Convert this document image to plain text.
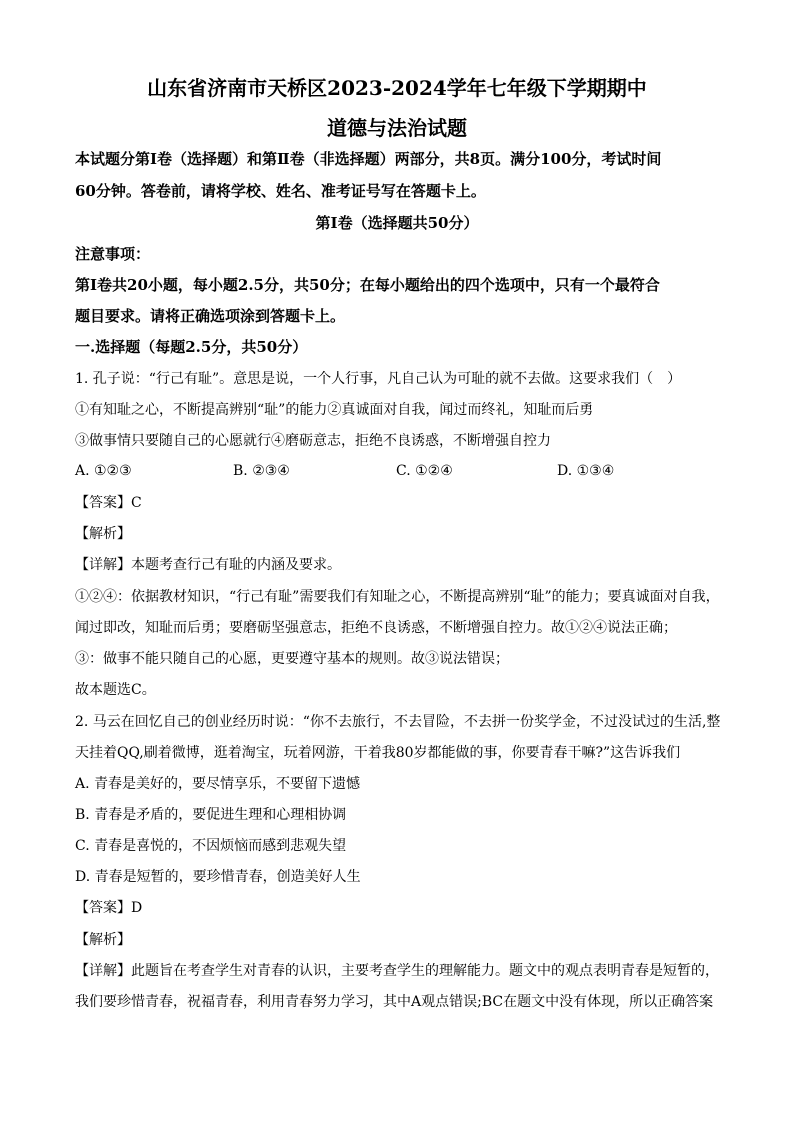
山东省济南市天桥区2023-2024学年七年级下学期期中
道德与法治试题
本试题分第Ⅰ卷（选择题）和第Ⅱ卷（非选择题）两部分，共8页。满分100分，考试时间
60分钟。答卷前，请将学校、姓名、准考证号写在答题卡上。
第Ⅰ卷（选择题共50分）
注意事项：
第Ⅰ卷共20小题，每小题2.5分，共50分；在每小题给出的四个选项中，只有一个最符合
题目要求。请将正确选项涂到答题卡上。
一.选择题（每题2.5分，共50分）
1. 孔子说：“行己有耻”。意思是说，一个人行事，凡自己认为可耻的就不去做。这要求我们（　）
①有知耻之心，不断提高辨别“耻”的能力②真诚面对自我，闻过而终礼，知耻而后勇
③做事情只要随自己的心愿就行④磨砺意志，拒绝不良诱惑，不断增强自控力
A. ①②③	B. ②③④	C. ①②④	D. ①③④
【答案】C
【解析】
【详解】本题考查行己有耻的内涵及要求。
①②④：依据教材知识，“行己有耻”需要我们有知耻之心，不断提高辨别“耻”的能力；要真诚面对自我，
闻过即改，知耻而后勇；要磨砺坚强意志，拒绝不良诱惑，不断增强自控力。故①②④说法正确；
③：做事不能只随自己的心愿，更要遵守基本的规则。故③说法错误；
故本题选C。
2. 马云在回忆自己的创业经历时说：“你不去旅行，不去冒险，不去拼一份奖学金，不过没试过的生活,整
天挂着QQ,刷着微博，逛着淘宝，玩着网游，干着我80岁都能做的事，你要青春干嘛?”这告诉我们
A. 青春是美好的，要尽情享乐，不要留下遗憾
B. 青春是矛盾的，要促进生理和心理相协调
C. 青春是喜悦的，不因烦恼而感到悲观失望
D. 青春是短暂的，要珍惜青春，创造美好人生
【答案】D
【解析】
【详解】此题旨在考查学生对青春的认识，主要考查学生的理解能力。题文中的观点表明青春是短暂的，
我们要珍惜青春，祝福青春，利用青春努力学习，其中A观点错误;BC在题文中没有体现，所以正确答案
